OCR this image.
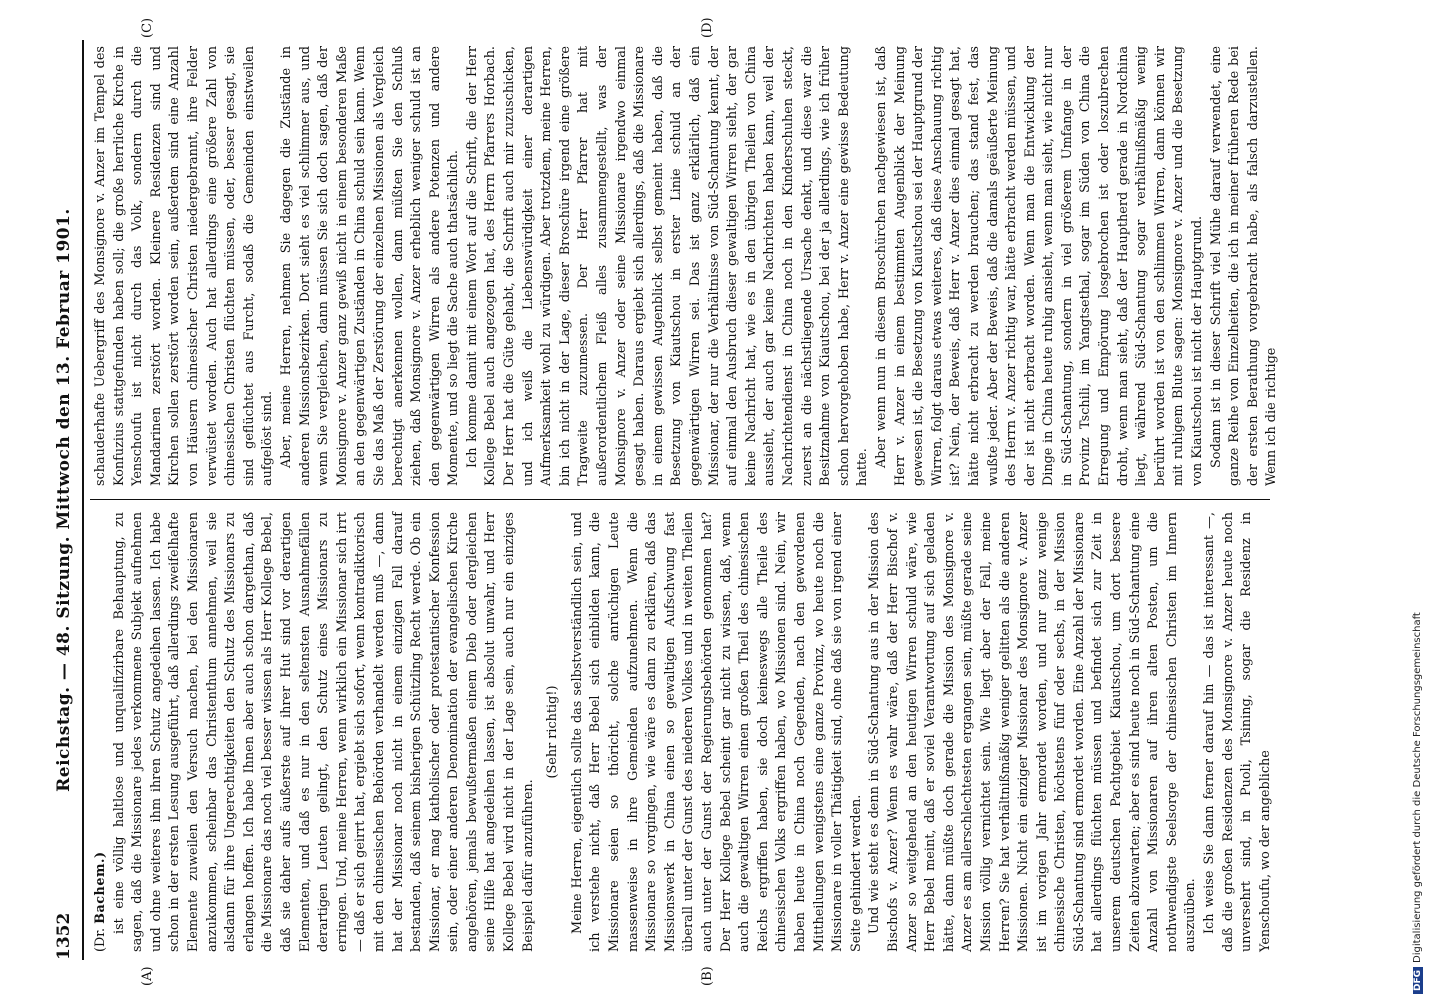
1352
Reichstag. — 48. Sitzung. Mittwoch den 13. Februar 1901.
(A)	(B)
(C)	(D)

(Dr. Bachem.) ist eine völlig haltlose und unqualifizirbare Behauptung, zu sagen, daß die Missionare jedes verkommene Subjekt aufnehmen und ohne weiteres ihm ihren Schutz angedeihen lassen. Ich habe schon in der ersten Lesung ausgeführt, daß allerdings zweifelhafte Elemente zuweilen den Versuch machen, bei den Missionaren anzukommen, scheinbar das Christenthum annehmen, weil sie alsdann für ihre Ungerechtigkeiten den Schutz des Missionars zu erlangen hoffen. Ich habe Ihnen aber auch schon dargethan, daß die Missionare das noch viel besser wissen als Herr Kollege Bebel, daß sie daher aufs äußerste auf ihrer Hut sind vor derartigen Elementen, und daß es nur in den seltensten Ausnahmefällen derartigen Leuten gelingt, den Schutz eines Missionars zu erringen. Und, meine Herren, wenn wirklich ein Missionar sich irrt — daß er sich geirrt hat, ergiebt sich sofort, wenn kontradiktorisch mit den chinesischen Behörden verhandelt werden muß —, dann hat der Missionar noch nicht in einem einzigen Fall darauf bestanden, daß seinem bisherigen Schützling Recht werde. Ob ein Missionar, er mag katholischer oder protestantischer Konfession sein, oder einer anderen Denomination der evangelischen Kirche angehören, jemals bewußtermaßen einem Dieb oder dergleichen seine Hilfe hat angedeihen lassen, ist absolut unwahr, und Herr Kollege Bebel wird nicht in der Lage sein, auch nur ein einziges Beispiel dafür anzuführen.

(Sehr richtig!) Meine Herren, eigentlich sollte das selbstverständlich sein, und ich verstehe nicht, daß Herr Bebel sich einbilden kann, die Missionare seien so thöricht, solche anrüchigen Leute massenweise in ihre Gemeinden aufzunehmen. Wenn die Missionare so vorgingen, wie wäre es dann zu erklären, daß das Missionswerk in China einen so gewaltigen Aufschwung fast überall unter der Gunst des niederen Volkes und in weiten Theilen auch unter der Gunst der Regierungsbehörden genommen hat? Der Herr Kollege Bebel scheint gar nicht zu wissen, daß, wenn auch die gewaltigen Wirren einen großen Theil des chinesischen Reichs ergriffen haben, sie doch keineswegs alle Theile des chinesischen Volks ergriffen haben, wo Missionen sind. Nein, wir haben heute in China noch Gegenden, nach den gewordenen Mittheilungen wenigstens eine ganze Provinz, wo heute noch die Missionare in voller Thätigkeit sind, ohne daß sie von irgend einer Seite gehindert werden. Und wie steht es denn in Süd-Schantung aus in der Mission des Bischofs v. Anzer? Wenn es wahr wäre, daß der Herr Bischof v. Anzer so weitgehend an den heutigen Wirren schuld wäre, wie Herr Bebel meint, daß er soviel Verantwortung auf sich geladen hätte, dann müßte doch gerade die Mission des Monsignore v. Anzer es am allerschlechtesten ergangen sein, müßte gerade seine Mission völlig vernichtet sein. Wie liegt aber der Fall, meine Herren? Sie hat verhältnißmäßig weniger gelitten als die anderen Missionen. Nicht ein einziger Missionar des Monsignore v. Anzer ist im vorigen Jahr ermordet worden, und nur ganz wenige chinesische Christen, höchstens fünf oder sechs, in der Mission Süd-Schantung sind ermordet worden. Eine Anzahl der Missionare hat allerdings flüchten müssen und befindet sich zur Zeit in unserem deutschen Pachtgebiet Kiautschou, um dort bessere Zeiten abzuwarten; aber es sind heute noch in Süd-Schantung eine Anzahl von Missionaren auf ihren alten Posten, um die nothwendigste Seelsorge der chinesischen Christen im Innern auszuüben. Ich weise Sie dann ferner darauf hin — das ist interessant —, daß die großen Residenzen des Monsignore v. Anzer heute noch unversehrt sind, in Puoli, Tsining, sogar die Residenz in Yenschoufu, wo der angebliche

schauderhafte Uebergriff des Monsignore v. Anzer im Tempel des Konfuzius stattgefunden haben soll; die große herrliche Kirche in Yenschoufu ist nicht durch das Volk, sondern durch die Mandarinen zerstört worden. Kleinere Residenzen sind und Kirchen sollen zerstört worden sein, außerdem sind eine Anzahl von Häusern chinesischer Christen niedergebrannt, ihre Felder verwüstet worden. Auch hat allerdings eine größere Zahl von chinesischen Christen flüchten müssen, oder, besser gesagt, sie sind geflüchtet aus Furcht, sodaß die Gemeinden einstweilen aufgelöst sind. Aber, meine Herren, nehmen Sie dagegen die Zustände in anderen Missionsbezirken. Dort sieht es viel schlimmer aus, und wenn Sie vergleichen, dann müssen Sie sich doch sagen, daß der Monsignore v. Anzer ganz gewiß nicht in einem besonderen Maße an den gegenwärtigen Zuständen in China schuld sein kann. Wenn Sie das Maß der Zerstörung der einzelnen Missionen als Vergleich berechtigt anerkennen wollen, dann müßten Sie den Schluß ziehen, daß Monsignore v. Anzer erheblich weniger schuld ist an den gegenwärtigen Wirren als andere Potenzen und andere Momente, und so liegt die Sache auch thatsächlich. Ich komme damit mit einem Wort auf die Schrift, die der Herr Kollege Bebel auch angezogen hat, des Herrn Pfarrers Horbach. Der Herr hat die Güte gehabt, die Schrift auch mir zuzuschicken, und ich weiß die Liebenswürdigkeit einer derartigen Aufmerksamkeit wohl zu würdigen. Aber trotzdem, meine Herren, bin ich nicht in der Lage, dieser Broschüre irgend eine größere Tragweite zuzumessen. Der Herr Pfarrer hat mit außerordentlichem Fleiß alles zusammengestellt, was der Monsignore v. Anzer oder seine Missionare irgendwo einmal gesagt haben. Daraus ergiebt sich allerdings, daß die Missionare in einem gewissen Augenblick selbst gemeint haben, daß die Besetzung von Kiautschou in erster Linie schuld an der gegenwärtigen Wirren sei. Das ist ganz erklärlich, daß ein Missionar, der nur die Verhältnisse von Süd-Schantung kennt, der auf einmal den Ausbruch dieser gewaltigen Wirren sieht, der gar keine Nachricht hat, wie es in den übrigen Theilen von China aussieht, der auch gar keine Nachrichten haben kann, weil der Nachrichtendienst in China noch in den Kinderschuhen steckt, zuerst an die nächstliegende Ursache denkt, und diese war die Besitznahme von Kiautschou, bei der ja allerdings, wie ich früher schon hervorgehoben habe, Herr v. Anzer eine gewisse Bedeutung hatte. Aber wenn nun in diesem Broschürchen nachgewiesen ist, daß Herr v. Anzer in einem bestimmten Augenblick der Meinung gewesen ist, die Besetzung von Kiautschou sei der Hauptgrund der Wirren, folgt daraus etwas weiteres, daß diese Anschauung richtig ist? Nein, der Beweis, daß Herr v. Anzer dies einmal gesagt hat, hätte nicht erbracht zu werden brauchen; das stand fest, das wußte jeder. Aber der Beweis, daß die damals geäußerte Meinung des Herrn v. Anzer richtig war, hätte erbracht werden müssen, und der ist nicht erbracht worden. Wenn man die Entwicklung der Dinge in China heute ruhig ansieht, wenn man sieht, wie nicht nur in Süd-Schantung, sondern in viel größerem Umfange in der Provinz Tschili, im Yangtsethal, sogar im Süden von China die Erregung und Empörung losgebrochen ist oder loszubrechen droht, wenn man sieht, daß der Hauptherd gerade in Nordchina liegt, während Süd-Schantung sogar verhältnißmäßig wenig berührt worden ist von den schlimmen Wirren, dann können wir mit ruhigem Blute sagen: Monsignore v. Anzer und die Besetzung von Kiautschou ist nicht der Hauptgrund. Sodann ist in dieser Schrift viel Mühe darauf verwendet, eine ganze Reihe von Einzelheiten, die ich in meiner früheren Rede bei der ersten Berathung vorgebracht habe, als falsch darzustellen. Wenn ich die richtige

DFGDigitalisierung gefördert durch die Deutsche Forschungsgemeinschaft
